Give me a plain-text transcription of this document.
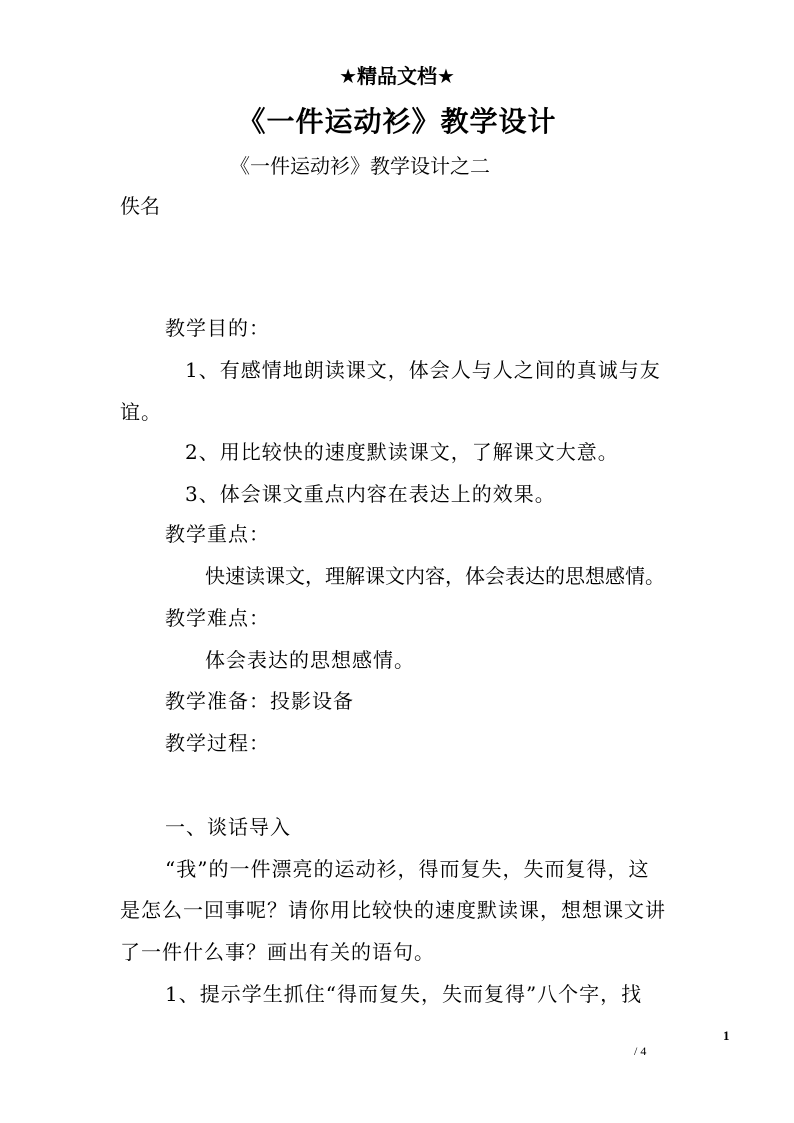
★精品文档★
《一件运动衫》教学设计
《一件运动衫》教学设计之二
佚名
教学目的：
1、有感情地朗读课文，体会人与人之间的真诚与友
谊。
2、用比较快的速度默读课文，了解课文大意。
3、体会课文重点内容在表达上的效果。
教学重点：
快速读课文，理解课文内容，体会表达的思想感情。
教学难点：
体会表达的思想感情。
教学准备：投影设备
教学过程：
一、谈话导入
“我”的一件漂亮的运动衫，得而复失，失而复得，这
是怎么一回事呢？请你用比较快的速度默读课，想想课文讲
了一件什么事？画出有关的语句。
1、提示学生抓住“得而复失，失而复得”八个字，找
1
/ 4
